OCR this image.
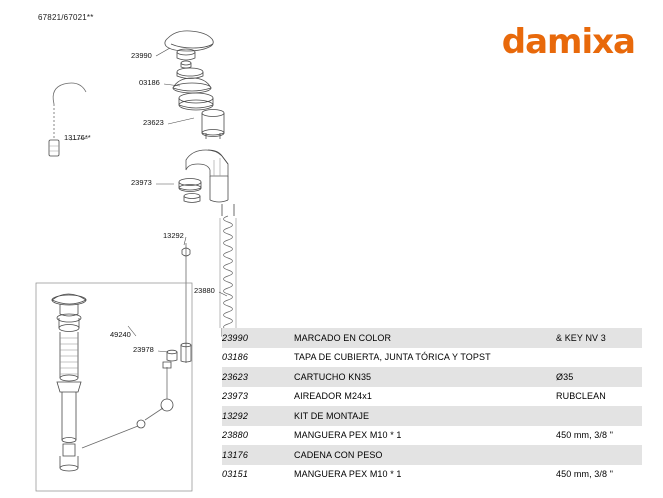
67821/67021**
damixa
23990
03186
23623
13176**
23973
13292
23880
49240
23978
23990	MARCADO EN COLOR	& KEY NV 3
03186	TAPA DE CUBIERTA, JUNTA TÓRICA Y TOPST	
23623	CARTUCHO KN35	Ø35
23973	AIREADOR M24x1	RUBCLEAN
13292	KIT DE MONTAJE	
23880	MANGUERA PEX M10 * 1	450 mm, 3/8 "
13176	CADENA CON PESO	
03151	MANGUERA PEX M10 * 1	450 mm, 3/8 "
